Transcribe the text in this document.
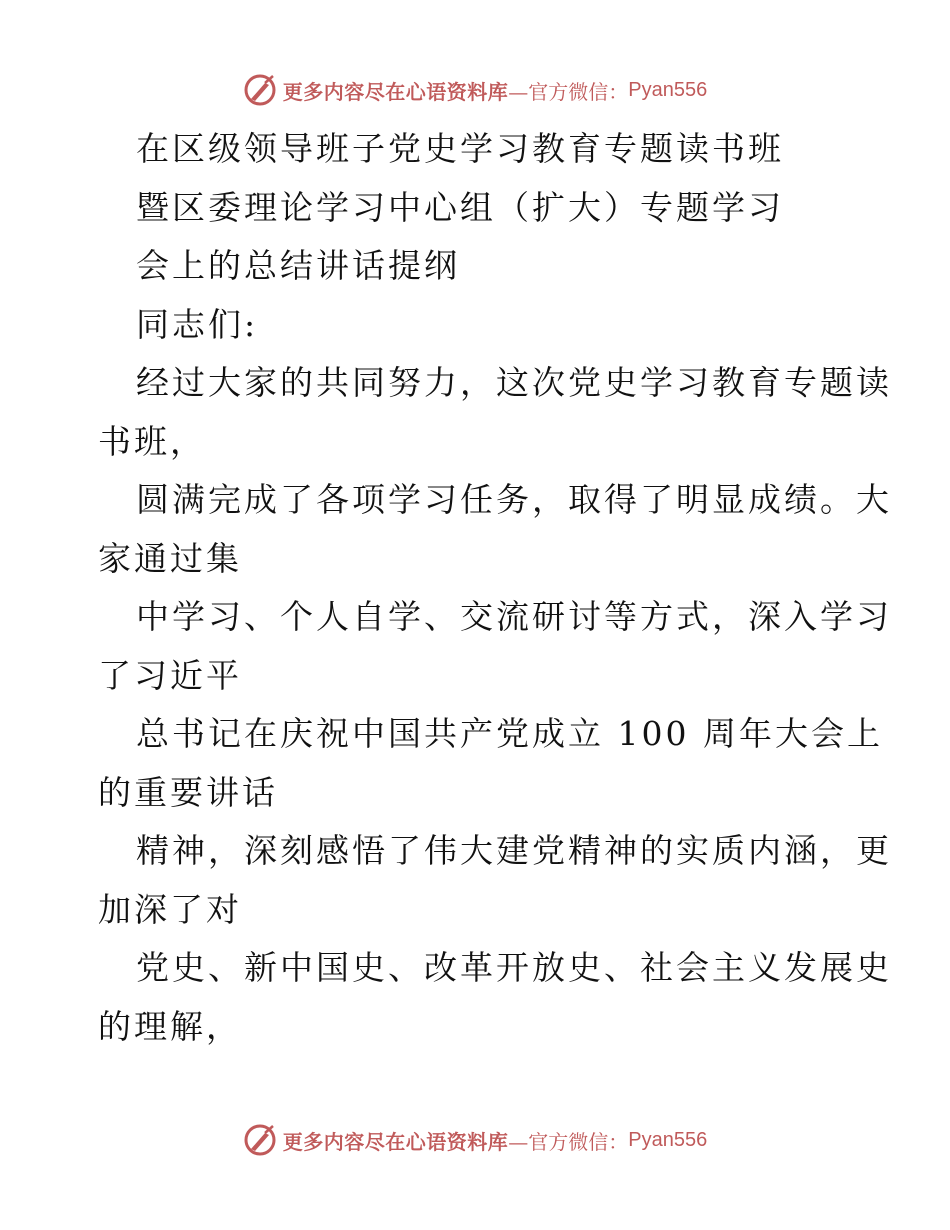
更多内容尽在心语资料库 —官方微信： Pyan556
在区级领导班子党史学习教育专题读书班
暨区委理论学习中心组（扩大）专题学习
会上的总结讲话提纲
同志们:
经过大家的共同努力，这次党史学习教育专题读
书班，
圆满完成了各项学习任务，取得了明显成绩。大
家通过集
中学习、个人自学、交流研讨等方式，深入学习
了习近平
总书记在庆祝中国共产党成立 100 周年大会上
的重要讲话
精神，深刻感悟了伟大建党精神的实质内涵，更
加深了对
党史、新中国史、改革开放史、社会主义发展史
的理解，
更多内容尽在心语资料库 —官方微信： Pyan556
